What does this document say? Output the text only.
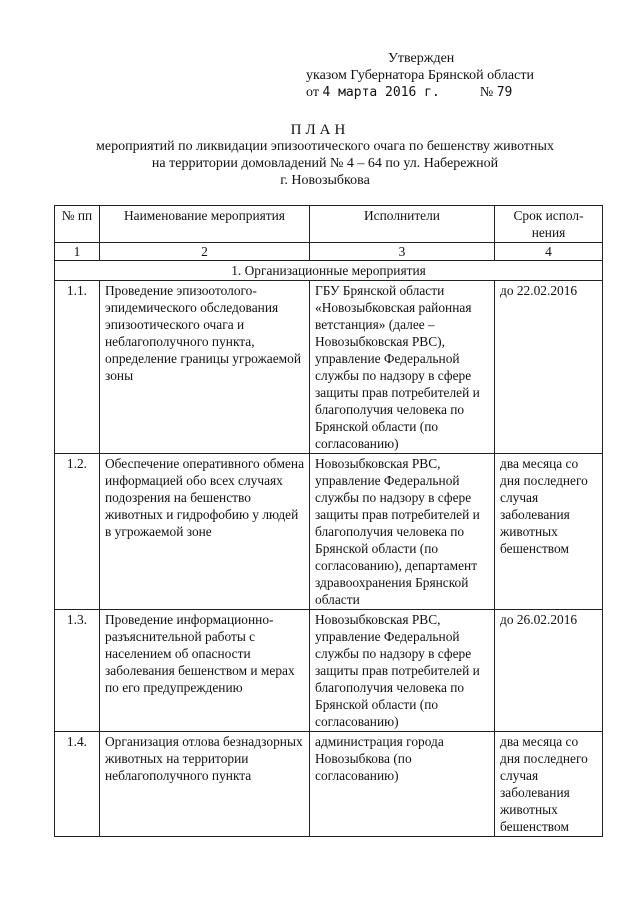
Утвержден
указом Губернатора Брянской области
от 4 марта 2016 г.	№ 79
ПЛАН
мероприятий по ликвидации эпизоотического очага по бешенству животных
на территории домовладений № 4 – 64 по ул. Набережной
г. Новозыбкова
№ пп	Наименование мероприятия	Исполнители	Срок испол-нения
1	2	3	4
1. Организационные мероприятия			
1.1.	Проведение эпизоотолого-эпидемического обследования эпизоотического очага и неблагополучного пункта, определение границы угрожаемой зоны	ГБУ Брянской области «Новозыбковская районная ветстанция» (далее – Новозыбковская РВС), управление Федеральной службы по надзору в сфере защиты прав потребителей и благополучия человека по Брянской области (по согласованию)	до 22.02.2016
1.2.	Обеспечение оперативного обмена информацией обо всех случаях подозрения на бешенство животных и гидрофобию у людей в угрожаемой зоне	Новозыбковская РВС, управление Федеральной службы по надзору в сфере защиты прав потребителей и благополучия человека по Брянской области (по согласованию), департамент здравоохранения Брянской области	два месяца со дня последнего случая заболевания животных бешенством
1.3.	Проведение информационно-разъяснительной работы с населением об опасности заболевания бешенством и мерах по его предупреждению	Новозыбковская РВС, управление Федеральной службы по надзору в сфере защиты прав потребителей и благополучия человека по Брянской области (по согласованию)	до 26.02.2016
1.4.	Организация отлова безнадзорных животных на территории неблагополучного пункта	администрация города Новозыбкова (по согласованию)	два месяца со дня последнего случая заболевания животных бешенством
